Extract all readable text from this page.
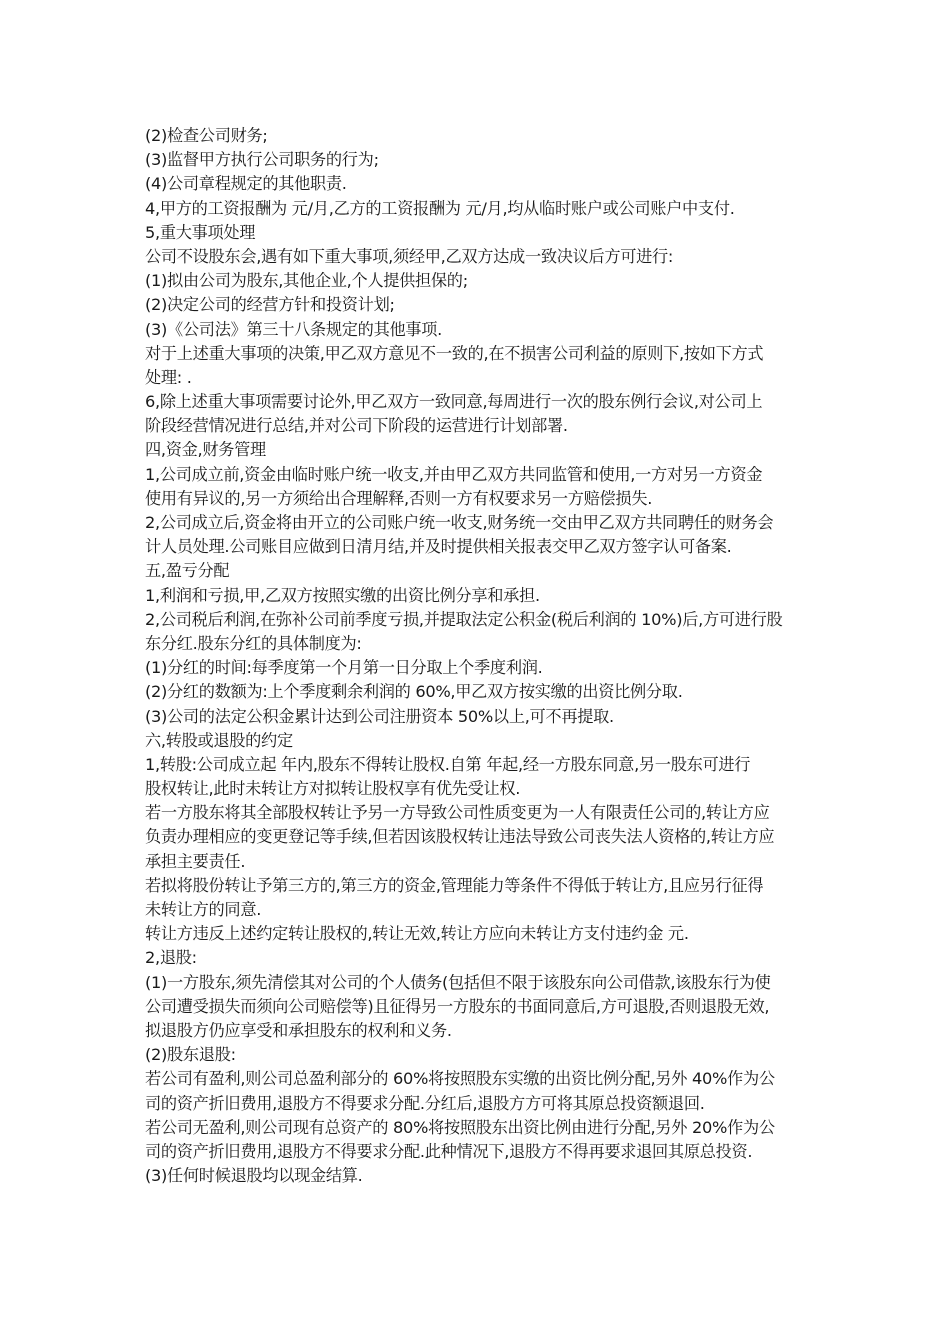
(2)检查公司财务;
(3)监督甲方执行公司职务的行为;
(4)公司章程规定的其他职责.
4,甲方的工资报酬为 元/月,乙方的工资报酬为 元/月,均从临时账户或公司账户中支付.
5,重大事项处理
公司不设股东会,遇有如下重大事项,须经甲,乙双方达成一致决议后方可进行:
(1)拟由公司为股东,其他企业,个人提供担保的;
(2)决定公司的经营方针和投资计划;
(3)《公司法》第三十八条规定的其他事项.
对于上述重大事项的决策,甲乙双方意见不一致的,在不损害公司利益的原则下,按如下方式
处理: .
6,除上述重大事项需要讨论外,甲乙双方一致同意,每周进行一次的股东例行会议,对公司上
阶段经营情况进行总结,并对公司下阶段的运营进行计划部署.
四,资金,财务管理
1,公司成立前,资金由临时账户统一收支,并由甲乙双方共同监管和使用,一方对另一方资金
使用有异议的,另一方须给出合理解释,否则一方有权要求另一方赔偿损失.
2,公司成立后,资金将由开立的公司账户统一收支,财务统一交由甲乙双方共同聘任的财务会
计人员处理.公司账目应做到日清月结,并及时提供相关报表交甲乙双方签字认可备案.
五,盈亏分配
1,利润和亏损,甲,乙双方按照实缴的出资比例分享和承担.
2,公司税后利润,在弥补公司前季度亏损,并提取法定公积金(税后利润的 10%)后,方可进行股
东分红.股东分红的具体制度为:
(1)分红的时间:每季度第一个月第一日分取上个季度利润.
(2)分红的数额为:上个季度剩余利润的 60%,甲乙双方按实缴的出资比例分取.
(3)公司的法定公积金累计达到公司注册资本 50%以上,可不再提取.
六,转股或退股的约定
1,转股:公司成立起 年内,股东不得转让股权.自第 年起,经一方股东同意,另一股东可进行
股权转让,此时未转让方对拟转让股权享有优先受让权.
若一方股东将其全部股权转让予另一方导致公司性质变更为一人有限责任公司的,转让方应
负责办理相应的变更登记等手续,但若因该股权转让违法导致公司丧失法人资格的,转让方应
承担主要责任.
若拟将股份转让予第三方的,第三方的资金,管理能力等条件不得低于转让方,且应另行征得
未转让方的同意.
转让方违反上述约定转让股权的,转让无效,转让方应向未转让方支付违约金 元.
2,退股:
(1)一方股东,须先清偿其对公司的个人债务(包括但不限于该股东向公司借款,该股东行为使
公司遭受损失而须向公司赔偿等)且征得另一方股东的书面同意后,方可退股,否则退股无效,
拟退股方仍应享受和承担股东的权利和义务.
(2)股东退股:
若公司有盈利,则公司总盈利部分的 60%将按照股东实缴的出资比例分配,另外 40%作为公
司的资产折旧费用,退股方不得要求分配.分红后,退股方方可将其原总投资额退回.
若公司无盈利,则公司现有总资产的 80%将按照股东出资比例由进行分配,另外 20%作为公
司的资产折旧费用,退股方不得要求分配.此种情况下,退股方不得再要求退回其原总投资.
(3)任何时候退股均以现金结算.
